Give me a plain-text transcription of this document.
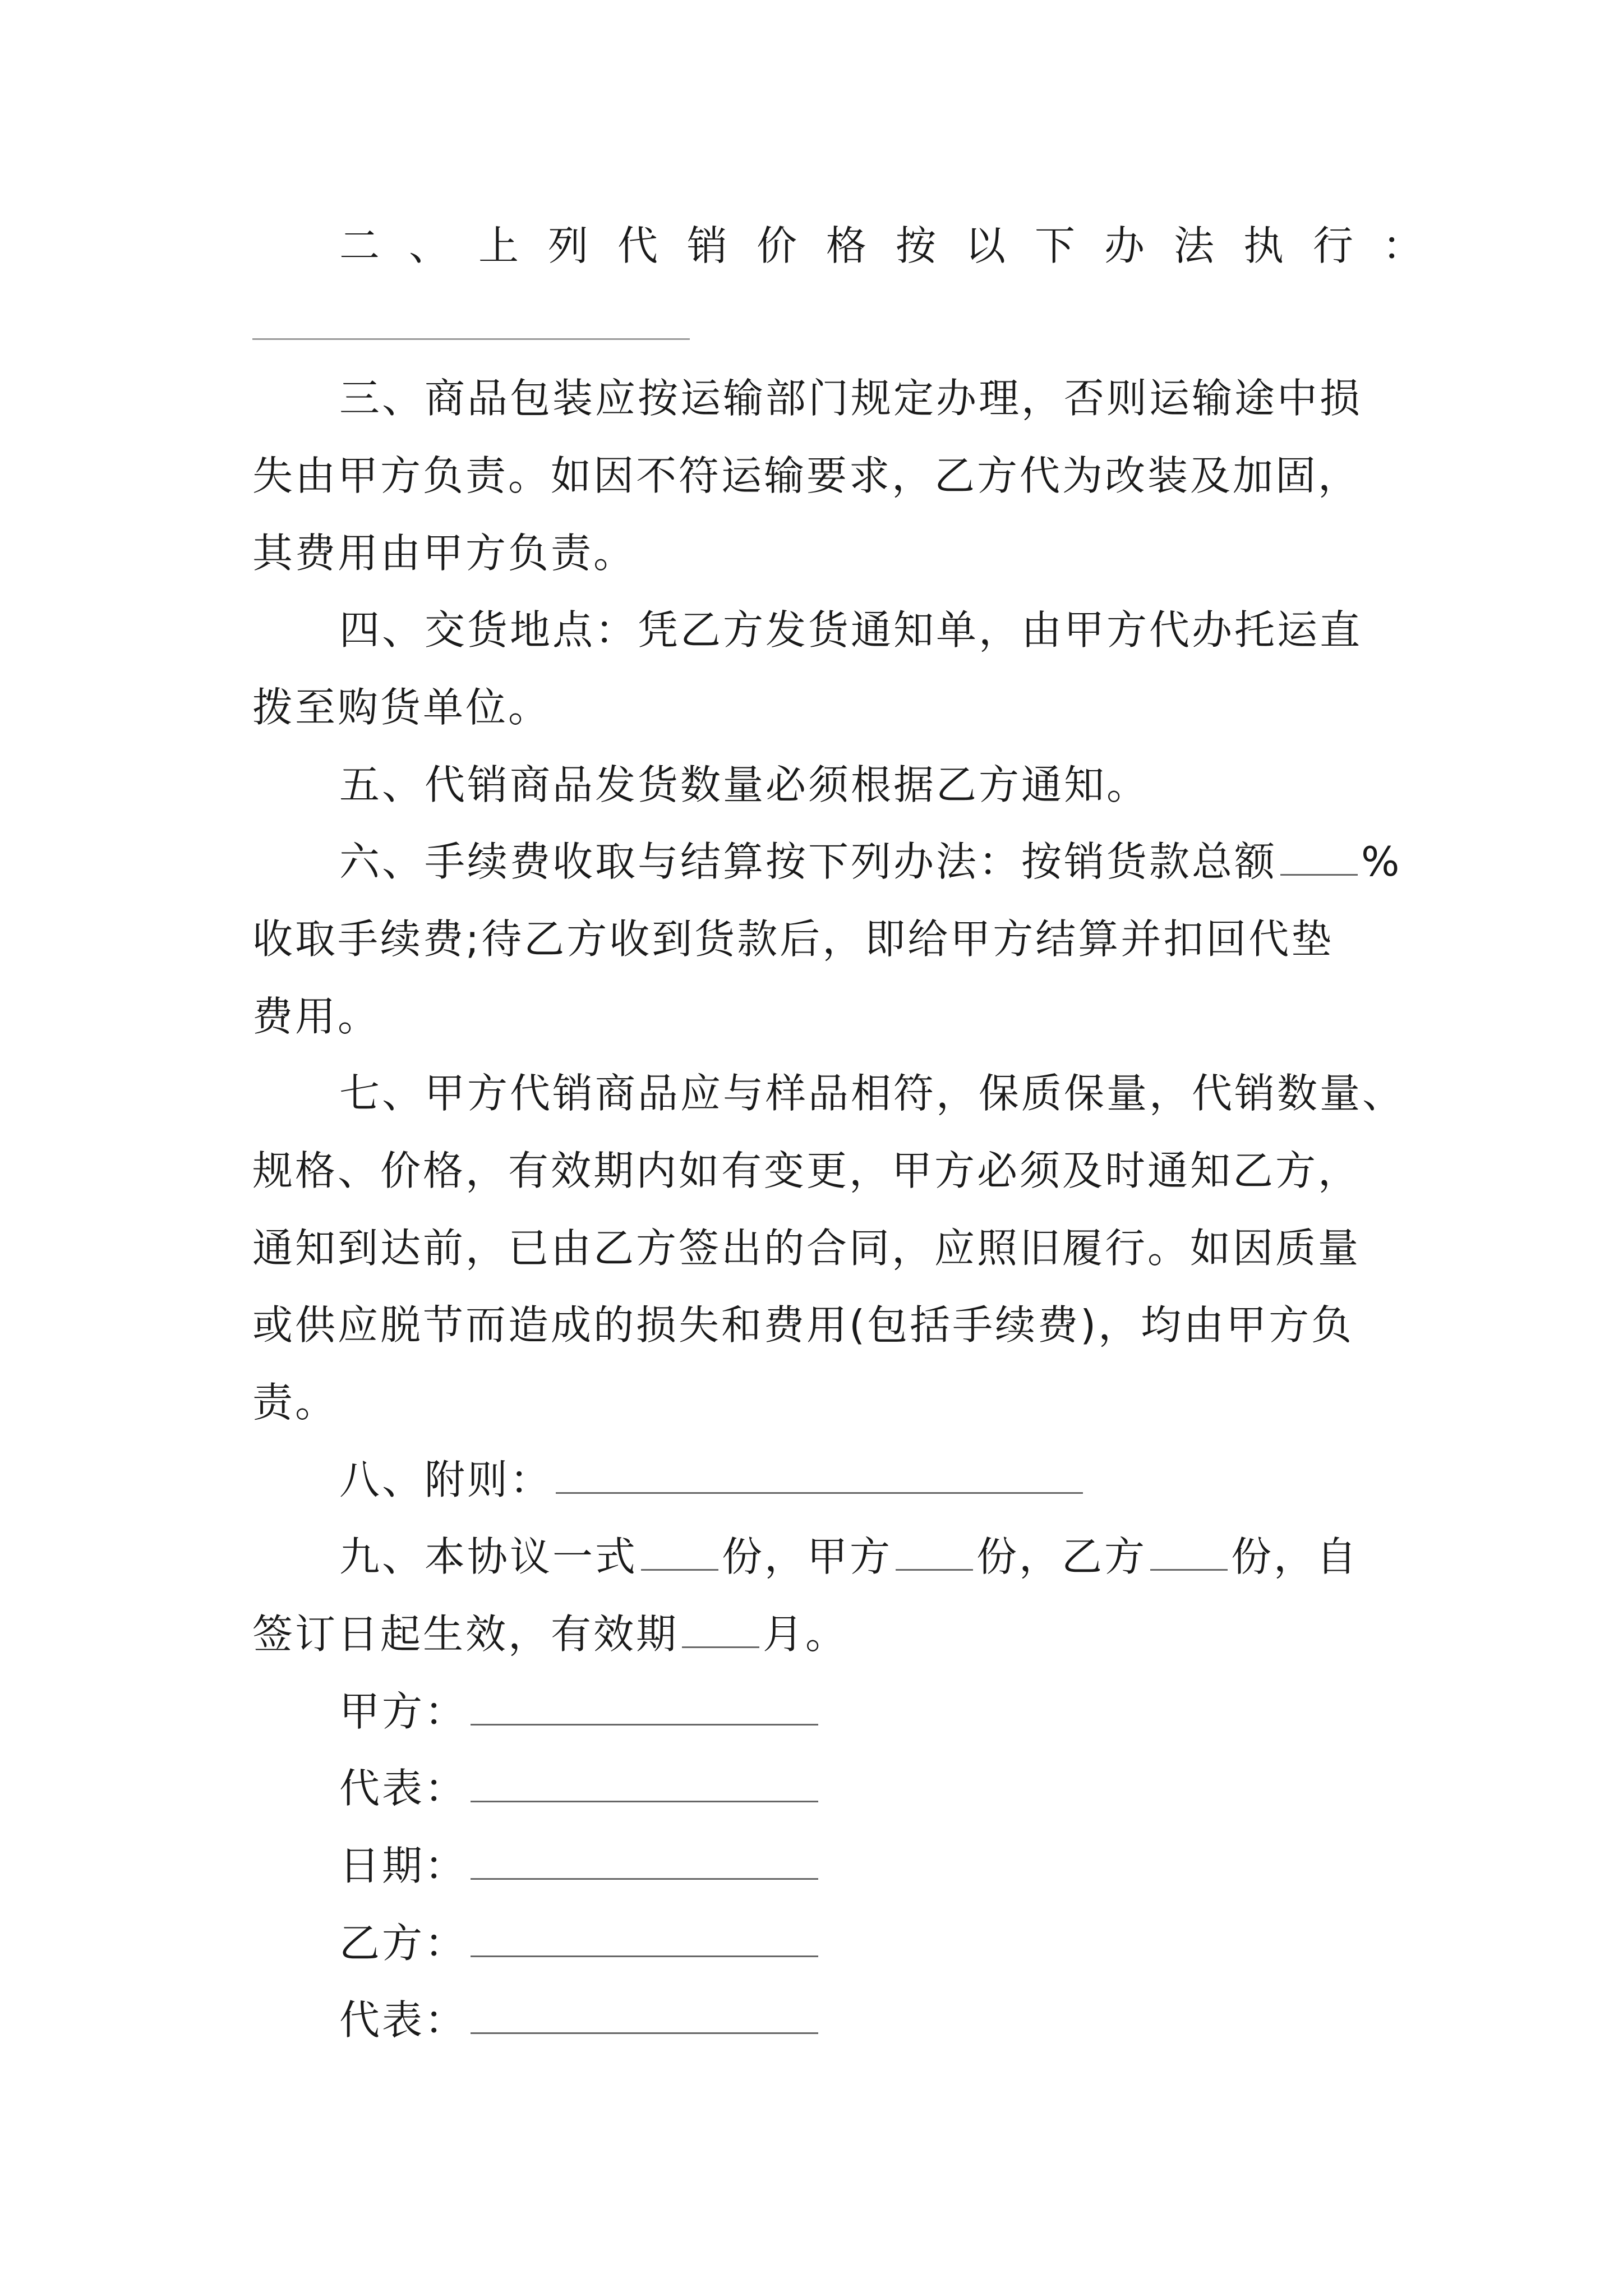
二、上列代销价格按以下办法执行：
三、商品包装应按运输部门规定办理，否则运输途中损
失由甲方负责。如因不符运输要求，乙方代为改装及加固，
其费用由甲方负责。
四、交货地点：凭乙方发货通知单，由甲方代办托运直
拨至购货单位。
五、代销商品发货数量必须根据乙方通知。
六、手续费收取与结算按下列办法：按销货款总额 %
收取手续费;待乙方收到货款后，即给甲方结算并扣回代垫
费用。
七、甲方代销商品应与样品相符，保质保量，代销数量、
规格、价格，有效期内如有变更，甲方必须及时通知乙方，
通知到达前，已由乙方签出的合同，应照旧履行。如因质量
或供应脱节而造成的损失和费用(包括手续费)，均由甲方负
责。
八、附则：
九、本协议一式 份，甲方 份，乙方 份，自
签订日起生效，有效期 月。
甲方：
代表：
日期：
乙方：
代表：
